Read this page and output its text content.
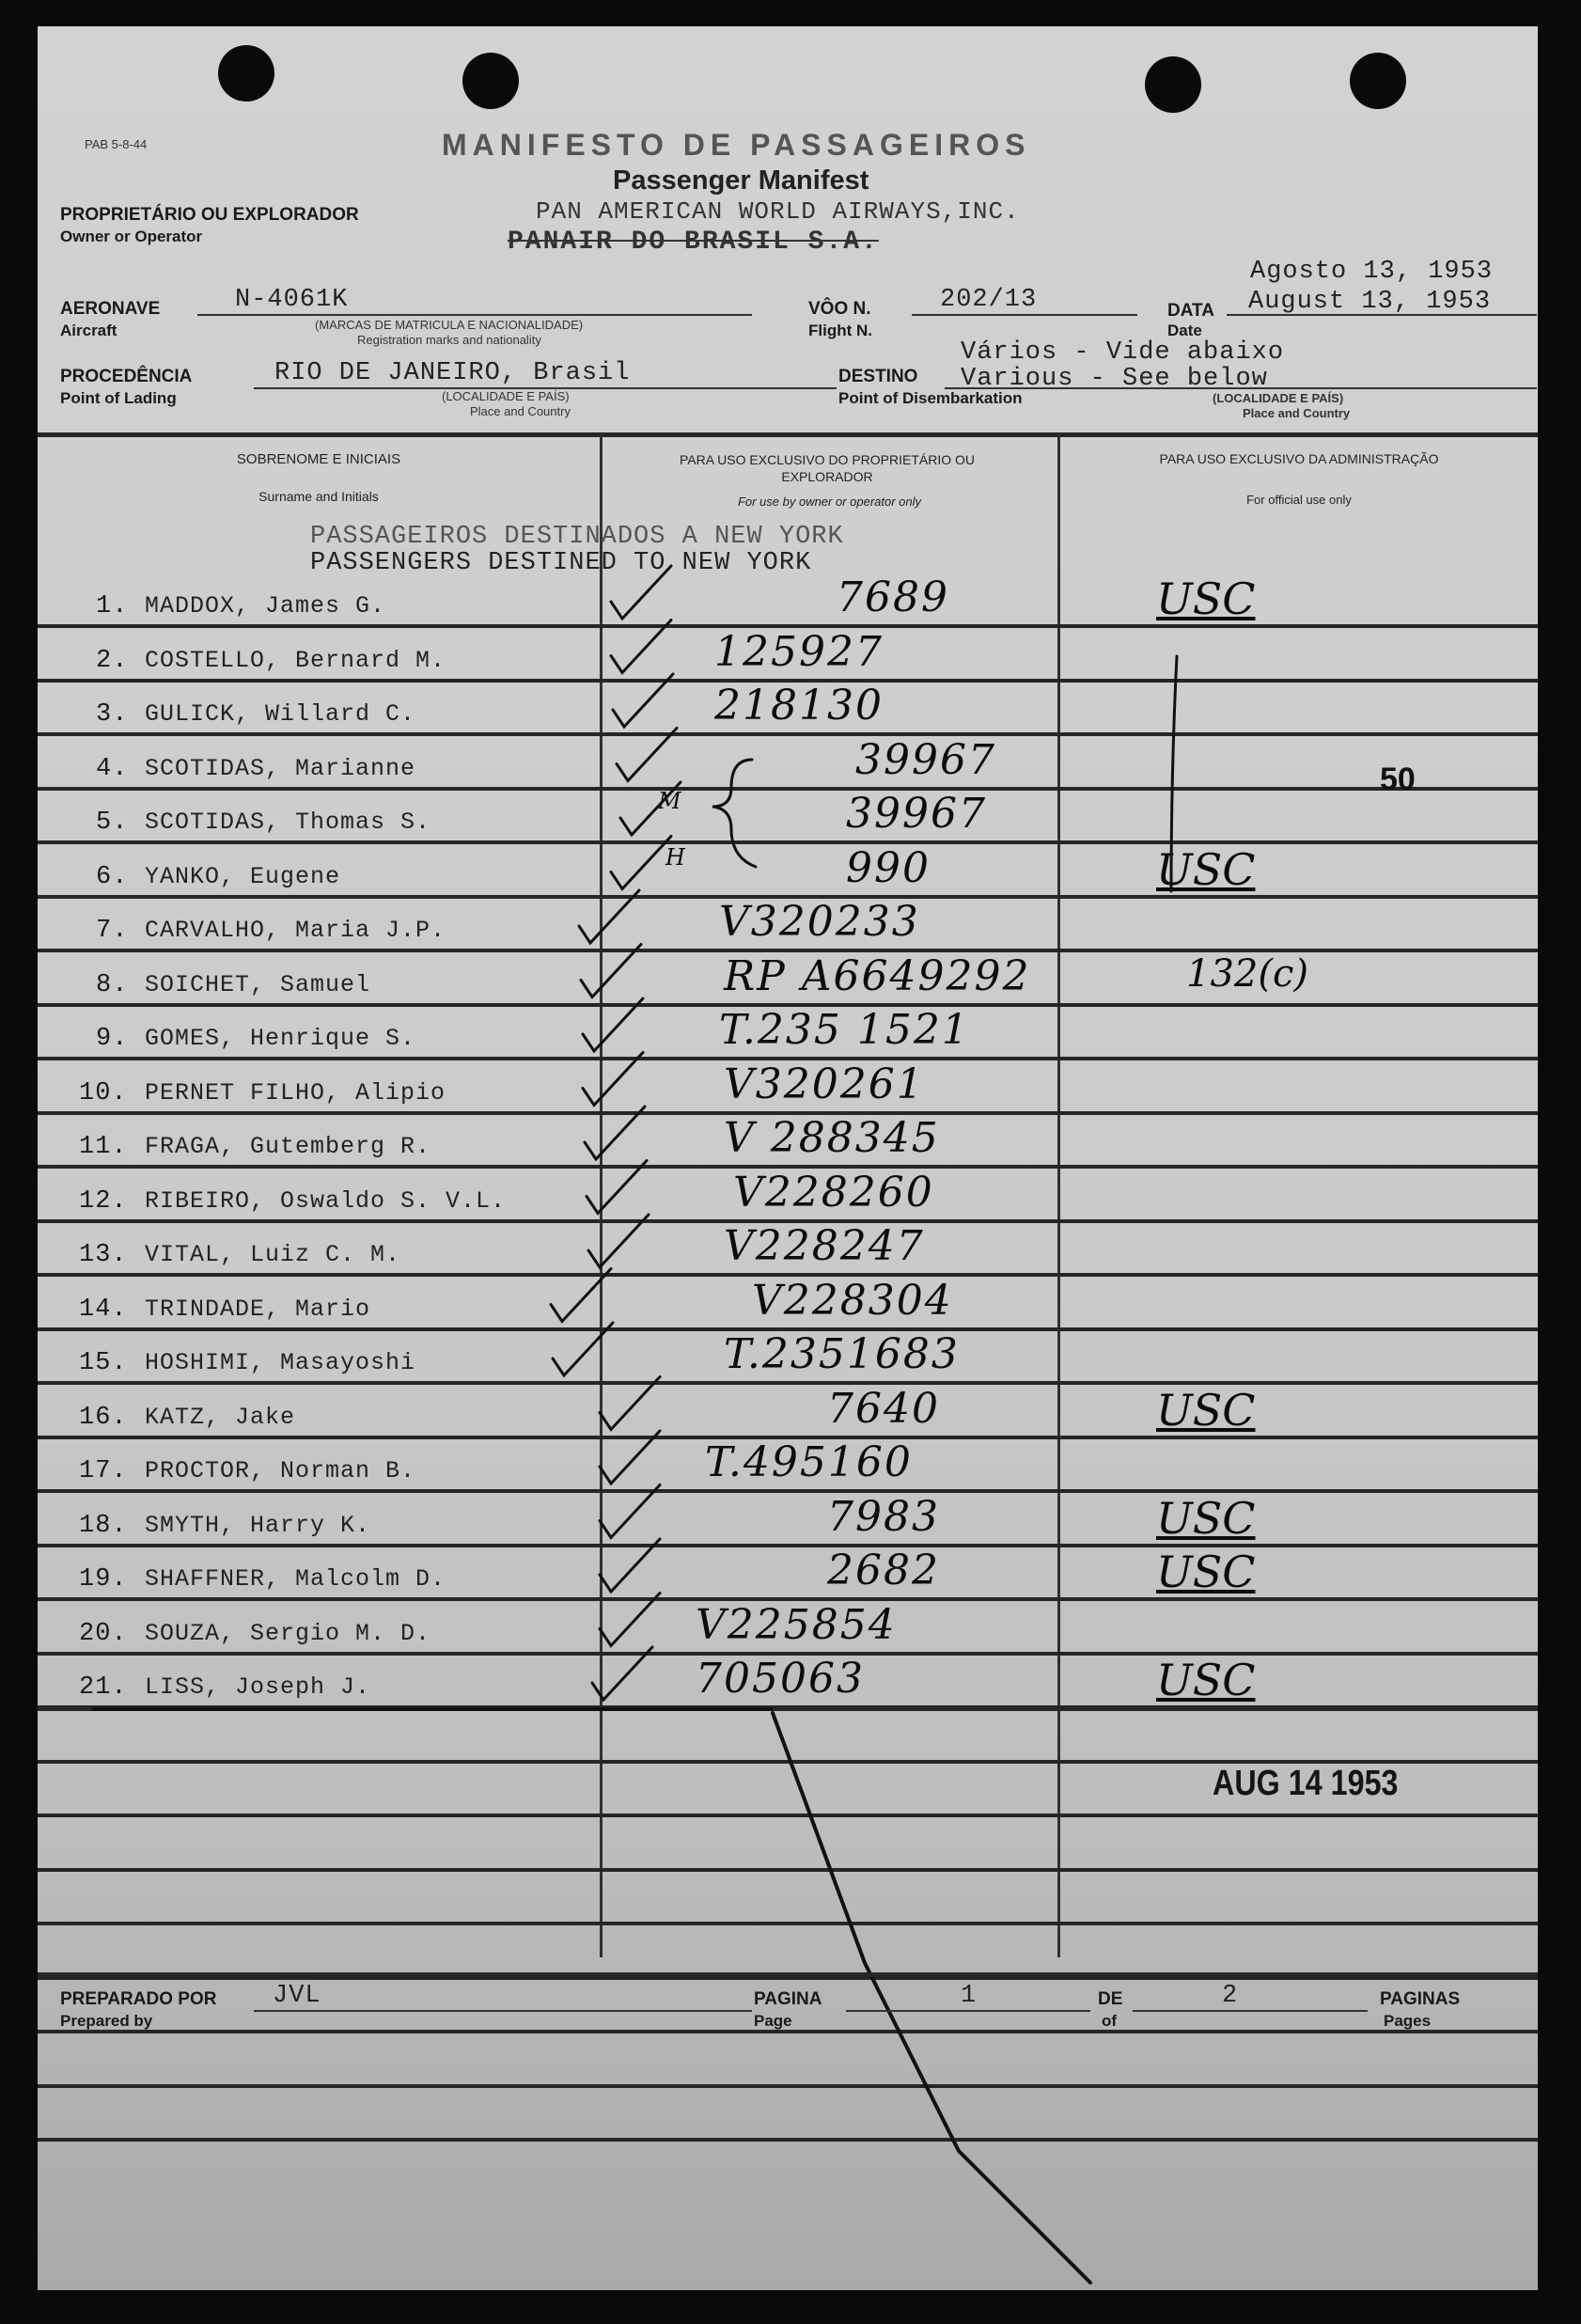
PAB 5-8-44	MANIFESTO DE PASSAGEIROS
Passenger Manifest
PROPRIETÁRIO OU EXPLORADOR
Owner or Operator
PAN AMERICAN WORLD AIRWAYS,INC.
PANAIR DO BRASIL S.A.
AERONAVE
Aircraft
N-4061K
(MARCAS DE MATRICULA E NACIONALIDADE)
Registration marks and nationality
VÔO N.
Flight N.
202/13
Agosto 13, 1953
DATA
Date
August 13, 1953
PROCEDÊNCIA
Point of Lading
RIO DE JANEIRO, Brasil
(LOCALIDADE E PAÍS)
Place and Country
Vários - Vide abaixo
DESTINO Various - See below
Point of Disembarkation	(LOCALIDADE E PAÍS)
Place and Country
SOBRENOME E INICIAIS
Surname and Initials
PARA USO EXCLUSIVO DO PROPRIETÁRIO OU EXPLORADOR
For use by owner or operator only
PARA USO EXCLUSIVO DA ADMINISTRAÇÃO
For official use only
PASSAGEIROS DESTINADOS A NEW YORK
PASSENGERS DESTINED TO NEW YORK
1. MADDOX, James G.	7689	USC
2. COSTELLO, Bernard M.	125927
3. GULICK, Willard C.	218130
4. SCOTIDAS, Marianne	39967
5. SCOTIDAS, Thomas S.	39967
6. YANKO, Eugene	990	USC
7. CARVALHO, Maria J.P.	V320233
8. SOICHET, Samuel	RP A6649292	132(c)
9. GOMES, Henrique S.	T.235 1521
10. PERNET FILHO, Alipio	V320261
11. FRAGA, Gutemberg R.	V 288345
12. RIBEIRO, Oswaldo S. V.L.	V228260
13. VITAL, Luiz C. M.	V228247
14. TRINDADE, Mario	V228304
15. HOSHIMI, Masayoshi	T.2351683
16. KATZ, Jake	7640	USC
17. PROCTOR, Norman B.	T.495160
18. SMYTH, Harry K.	7983	USC
19. SHAFFNER, Malcolm D.	2682	USC
20. SOUZA, Sergio M. D.	V225854
21. LISS, Joseph J.	705063	USC
M
H
50
AUG 14 1953
PREPARADO POR
Prepared by
JVL	PAGINA
Page
1	DE
of
2	PAGINAS
Pages
